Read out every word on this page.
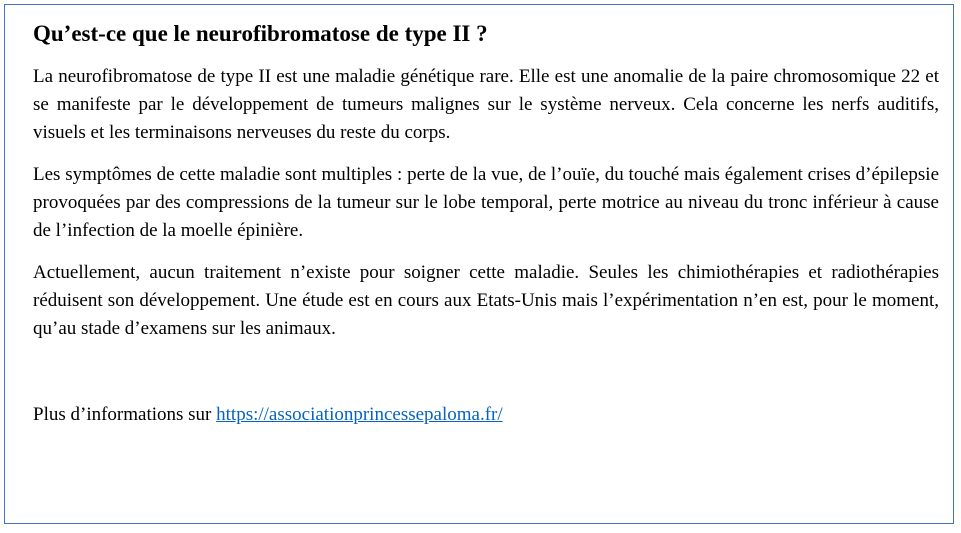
Qu’est-ce que le neurofibromatose de type II ?

La neurofibromatose de type II est une maladie génétique rare. Elle est une anomalie de la paire chromosomique 22 et se manifeste par le développement de tumeurs malignes sur le système nerveux. Cela concerne les nerfs auditifs, visuels et les terminaisons nerveuses du reste du corps.

Les symptômes de cette maladie sont multiples : perte de la vue, de l’ouïe, du touché mais également crises d’épilepsie provoquées par des compressions de la tumeur sur le lobe temporal, perte motrice au niveau du tronc inférieur à cause de l’infection de la moelle épinière.

Actuellement, aucun traitement n’existe pour soigner cette maladie. Seules les chimiothérapies et radiothérapies réduisent son développement. Une étude est en cours aux Etats-Unis mais l’expérimentation n’en est, pour le moment, qu’au stade d’examens sur les animaux.

Plus d’informations sur https://associationprincessepaloma.fr/
